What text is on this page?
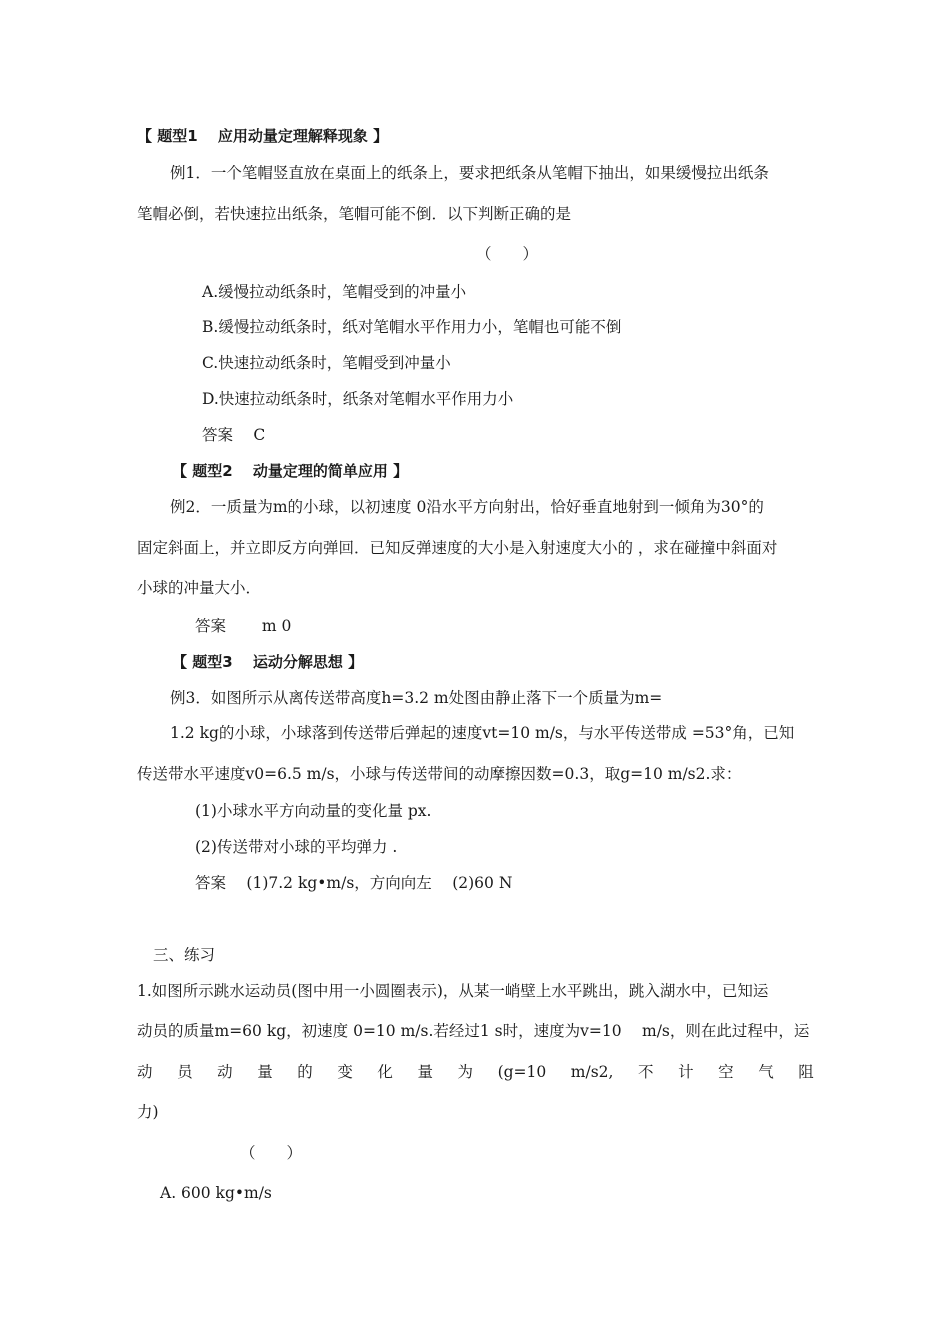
【 题型1　 应用动量定理解释现象 】
例1．一个笔帽竖直放在桌面上的纸条上，要求把纸条从笔帽下抽出，如果缓慢拉出纸条
笔帽必倒，若快速拉出纸条，笔帽可能不倒．以下判断正确的是
（　　）
A.缓慢拉动纸条时，笔帽受到的冲量小
B.缓慢拉动纸条时，纸对笔帽水平作用力小，笔帽也可能不倒
C.快速拉动纸条时，笔帽受到冲量小
D.快速拉动纸条时，纸条对笔帽水平作用力小
答案　 C
【 题型2　 动量定理的简单应用 】
例2．一质量为m的小球，以初速度 0沿水平方向射出，恰好垂直地射到一倾角为30°的
固定斜面上，并立即反方向弹回．已知反弹速度的大小是入射速度大小的 ，求在碰撞中斜面对
小球的冲量大小．
答案　　 m 0
【 题型3　 运动分解思想 】
例3．如图所示从离传送带高度h=3.2 m处图由静止落下一个质量为m=
1.2 kg的小球，小球落到传送带后弹起的速度vt=10 m/s，与水平传送带成 =53°角，已知
传送带水平速度v0=6.5 m/s，小球与传送带间的动摩擦因数=0.3，取g=10 m/s2.求：
(1)小球水平方向动量的变化量 px.
(2)传送带对小球的平均弹力 .
答案　 (1)7.2 kg•m/s，方向向左　 (2)60 N
三、练习
1.如图所示跳水运动员(图中用一小圆圈表示)，从某一峭壁上水平跳出，跳入湖水中，已知运
动员的质量m=60 kg，初速度 0=10 m/s.若经过1 s时，速度为v=10　 m/s，则在此过程中，运
动 员 动 量 的 变 化 量 为 (g=10 m/s2, 不 计 空 气 阻
力)
（　　）
A. 600 kg•m/s
